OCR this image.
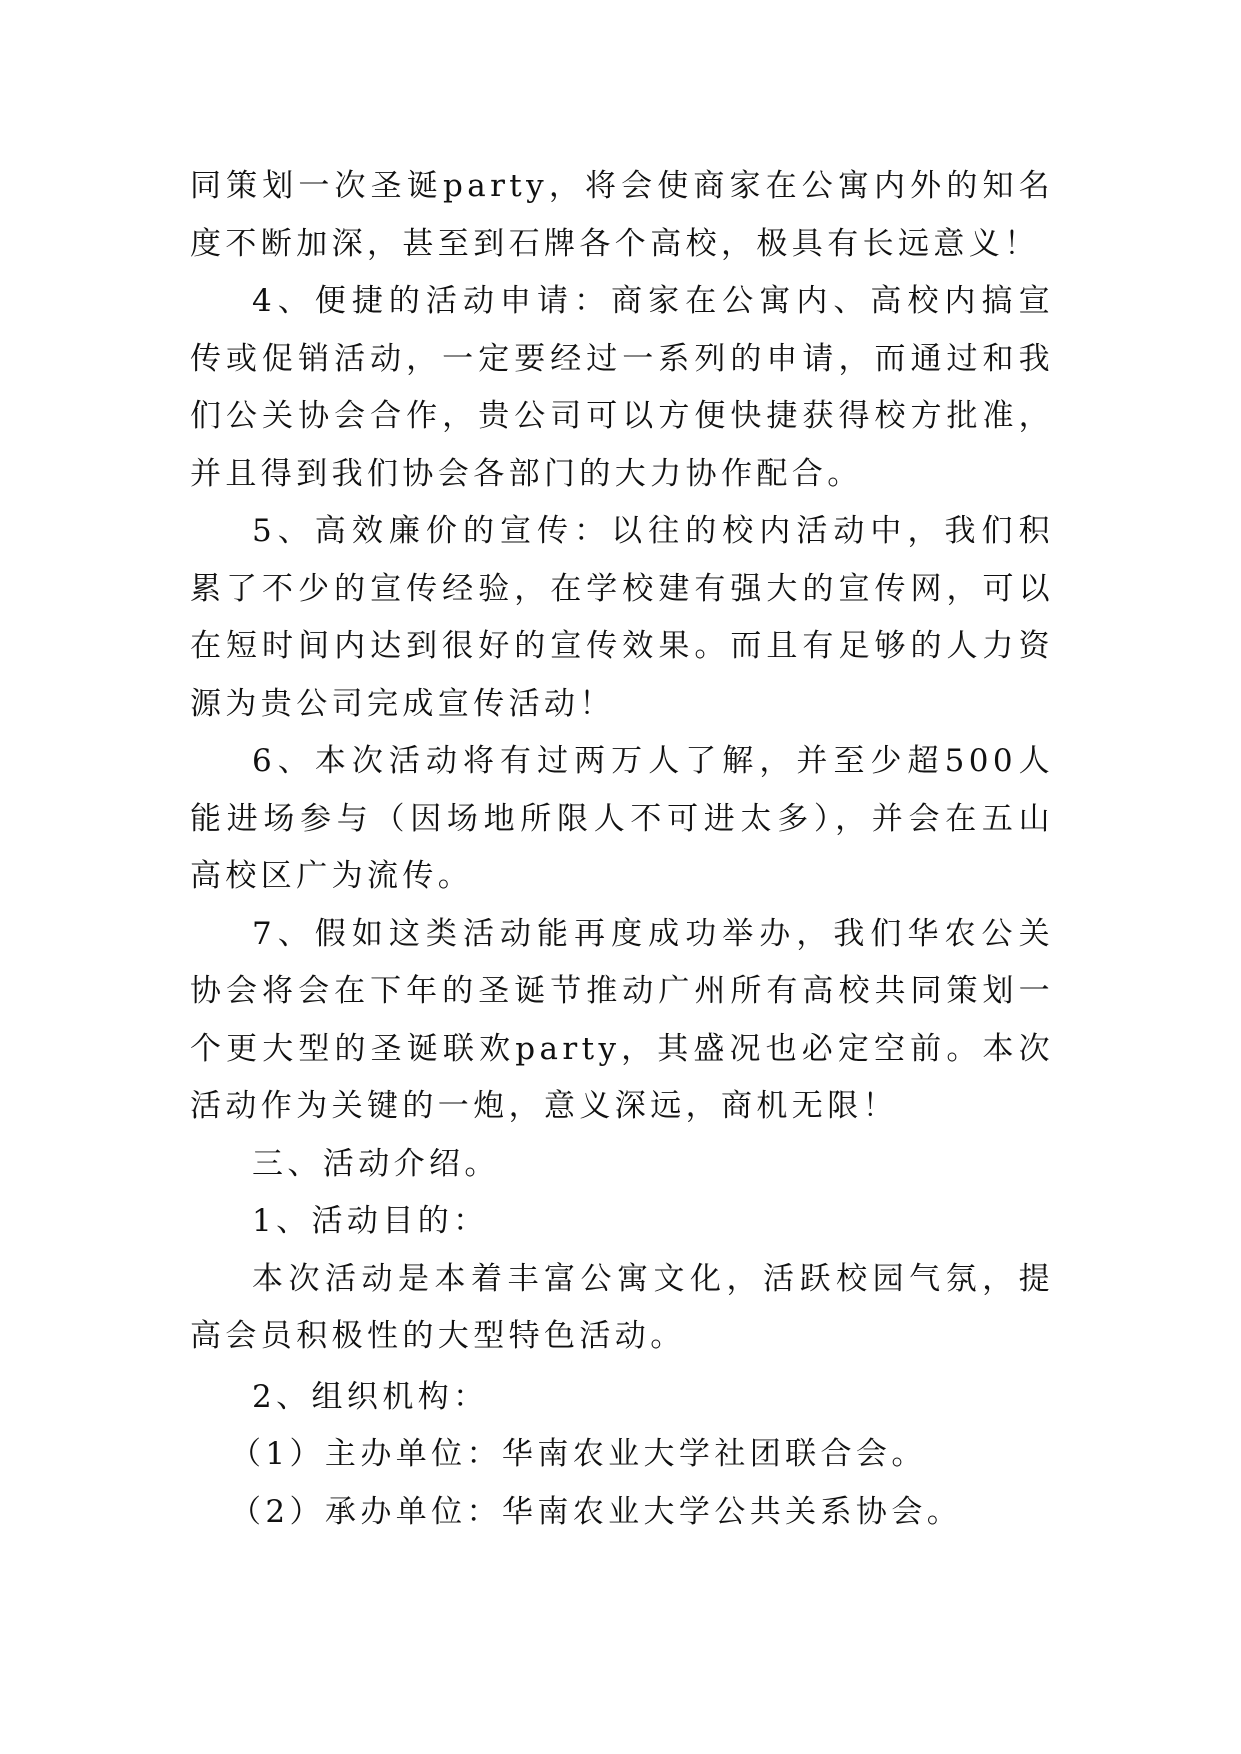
同策划一次圣诞party，将会使商家在公寓内外的知名度不断加深，甚至到石牌各个高校，极具有长远意义！

4、便捷的活动申请：商家在公寓内、高校内搞宣传或促销活动，一定要经过一系列的申请，而通过和我们公关协会合作，贵公司可以方便快捷获得校方批准，并且得到我们协会各部门的大力协作配合。

5、高效廉价的宣传：以往的校内活动中，我们积累了不少的宣传经验，在学校建有强大的宣传网，可以在短时间内达到很好的宣传效果。而且有足够的人力资源为贵公司完成宣传活动！

6、本次活动将有过两万人了解，并至少超500人能进场参与（因场地所限人不可进太多），并会在五山高校区广为流传。

7、假如这类活动能再度成功举办，我们华农公关协会将会在下年的圣诞节推动广州所有高校共同策划一个更大型的圣诞联欢party，其盛况也必定空前。本次活动作为关键的一炮，意义深远，商机无限！

三、活动介绍。

1、活动目的：

本次活动是本着丰富公寓文化，活跃校园气氛，提高会员积极性的大型特色活动。

2、组织机构：

（1）主办单位：华南农业大学社团联合会。

（2）承办单位：华南农业大学公共关系协会。
